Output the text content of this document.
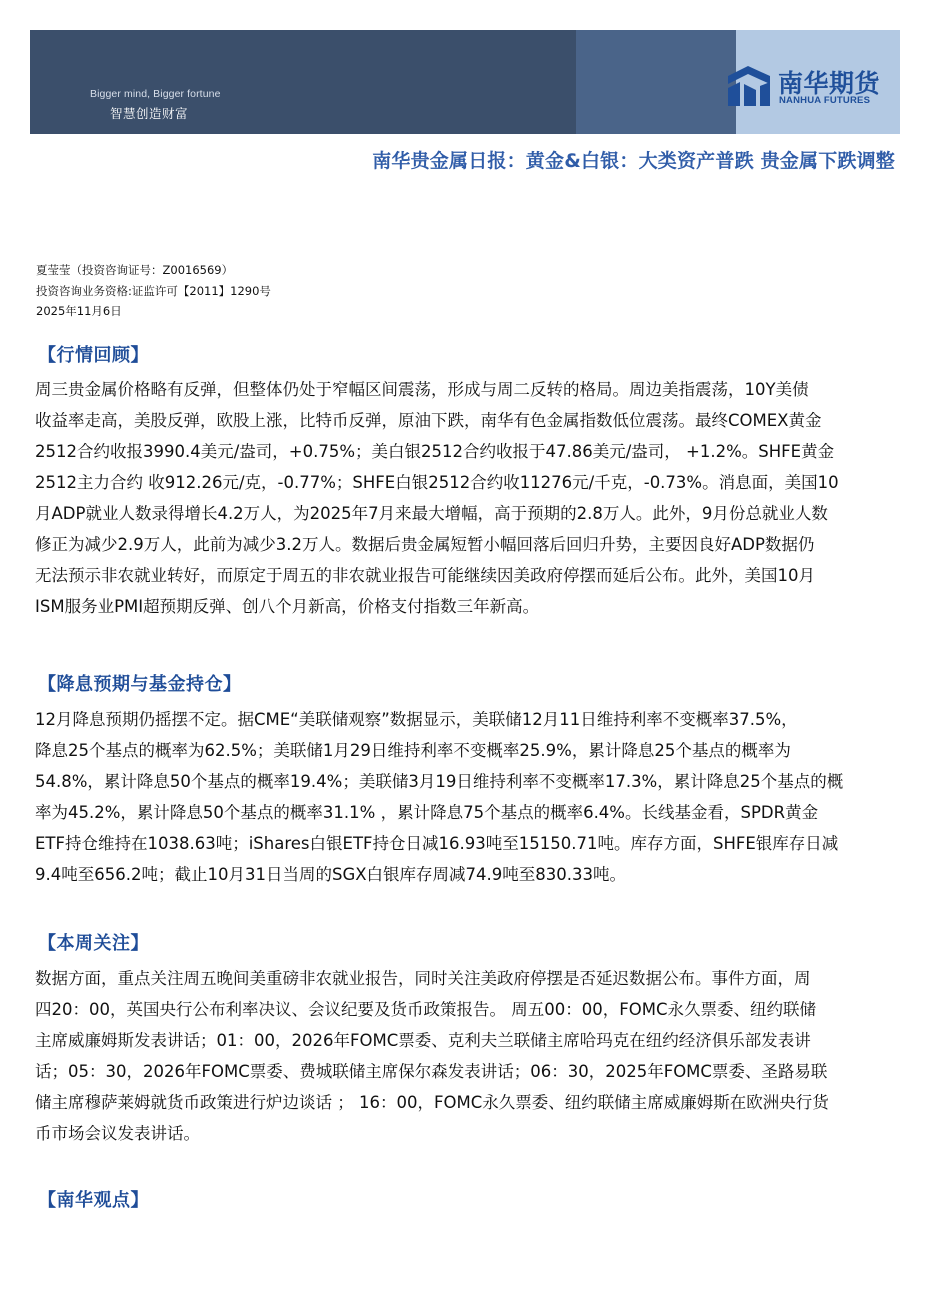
Bigger mind, Bigger fortune
智慧创造财富
南华期货
NANHUA FUTURES
南华贵金属日报：黄金&白银：大类资产普跌 贵金属下跌调整
夏莹莹（投资咨询证号：Z0016569）
投资咨询业务资格:证监许可【2011】1290号
2025年11月6日
【行情回顾】
周三贵金属价格略有反弹，但整体仍处于窄幅区间震荡，形成与周二反转的格局。周边美指震荡，10Y美债
收益率走高，美股反弹，欧股上涨，比特币反弹，原油下跌，南华有色金属指数低位震荡。最终COMEX黄金
2512合约收报3990.4美元/盎司，+0.75%；美白银2512合约收报于47.86美元/盎司， +1.2%。SHFE黄金
2512主力合约 收912.26元/克，-0.77%；SHFE白银2512合约收11276元/千克，-0.73%。消息面，美国10
月ADP就业人数录得增长4.2万人，为2025年7月来最大增幅，高于预期的2.8万人。此外，9月份总就业人数
修正为减少2.9万人，此前为减少3.2万人。数据后贵金属短暂小幅回落后回归升势，主要因良好ADP数据仍
无法预示非农就业转好，而原定于周五的非农就业报告可能继续因美政府停摆而延后公布。此外，美国10月
ISM服务业PMI超预期反弹、创八个月新高，价格支付指数三年新高。
【降息预期与基金持仓】
12月降息预期仍摇摆不定。据CME“美联储观察”数据显示，美联储12月11日维持利率不变概率37.5%，
降息25个基点的概率为62.5%；美联储1月29日维持利率不变概率25.9%，累计降息25个基点的概率为
54.8%，累计降息50个基点的概率19.4%；美联储3月19日维持利率不变概率17.3%，累计降息25个基点的概
率为45.2%，累计降息50个基点的概率31.1% ，累计降息75个基点的概率6.4%。长线基金看，SPDR黄金
ETF持仓维持在1038.63吨；iShares白银ETF持仓日减16.93吨至15150.71吨。库存方面，SHFE银库存日减
9.4吨至656.2吨；截止10月31日当周的SGX白银库存周减74.9吨至830.33吨。
【本周关注】
数据方面，重点关注周五晚间美重磅非农就业报告，同时关注美政府停摆是否延迟数据公布。事件方面，周
四20：00，英国央行公布利率决议、会议纪要及货币政策报告。 周五00：00，FOMC永久票委、纽约联储
主席威廉姆斯发表讲话；01：00，2026年FOMC票委、克利夫兰联储主席哈玛克在纽约经济俱乐部发表讲
话；05：30，2026年FOMC票委、费城联储主席保尔森发表讲话；06：30，2025年FOMC票委、圣路易联
储主席穆萨莱姆就货币政策进行炉边谈话 ； 16：00，FOMC永久票委、纽约联储主席威廉姆斯在欧洲央行货
币市场会议发表讲话。
【南华观点】
